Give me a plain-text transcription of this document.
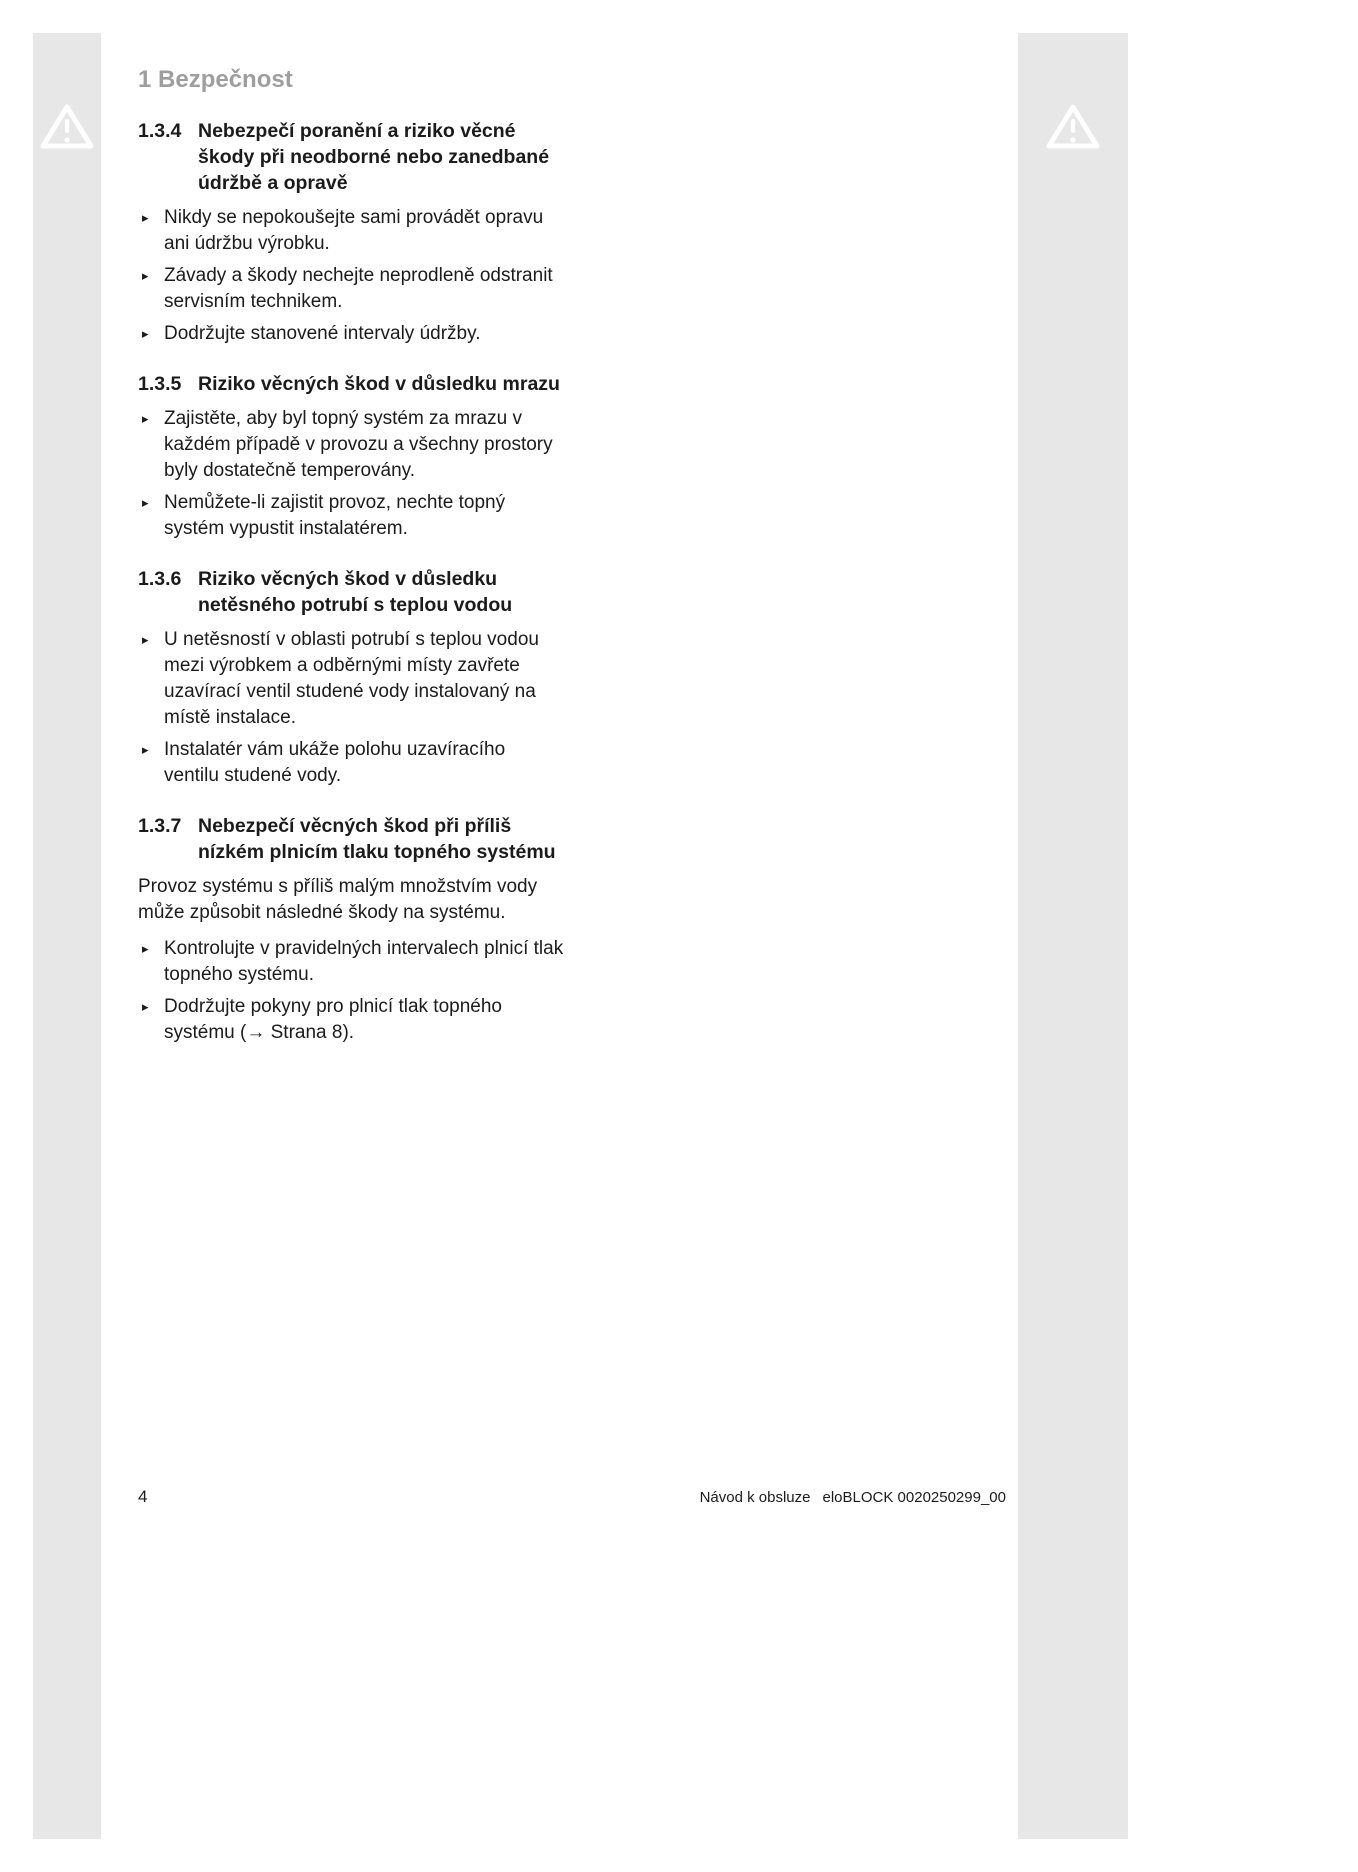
1 Bezpečnost
1.3.4 Nebezpečí poranění a riziko věcné škody při neodborné nebo zanedbané údržbě a opravě
▸ Nikdy se nepokoušejte sami provádět opravu ani údržbu výrobku.
▸ Závady a škody nechejte neprodleně odstranit servisním technikem.
▸ Dodržujte stanovené intervaly údržby.
1.3.5 Riziko věcných škod v důsledku mrazu
▸ Zajistěte, aby byl topný systém za mrazu v každém případě v provozu a všechny prostory byly dostatečně temperovány.
▸ Nemůžete-li zajistit provoz, nechte topný systém vypustit instalatérem.
1.3.6 Riziko věcných škod v důsledku netěsného potrubí s teplou vodou
▸ U netěsností v oblasti potrubí s teplou vodou mezi výrobkem a odběrnými místy zavřete uzavírací ventil studené vody instalovaný na místě instalace.
▸ Instalatér vám ukáže polohu uzavíracího ventilu studené vody.
1.3.7 Nebezpečí věcných škod při příliš nízkém plnicím tlaku topného systému

Provoz systému s příliš malým množstvím vody může způsobit následné škody na systému.

▸ Kontrolujte v pravidelných intervalech plnicí tlak topného systému.
▸ Dodržujte pokyny pro plnicí tlak topného systému (→ Strana 8).
4	Návod k obsluze eloBLOCK 0020250299_00
